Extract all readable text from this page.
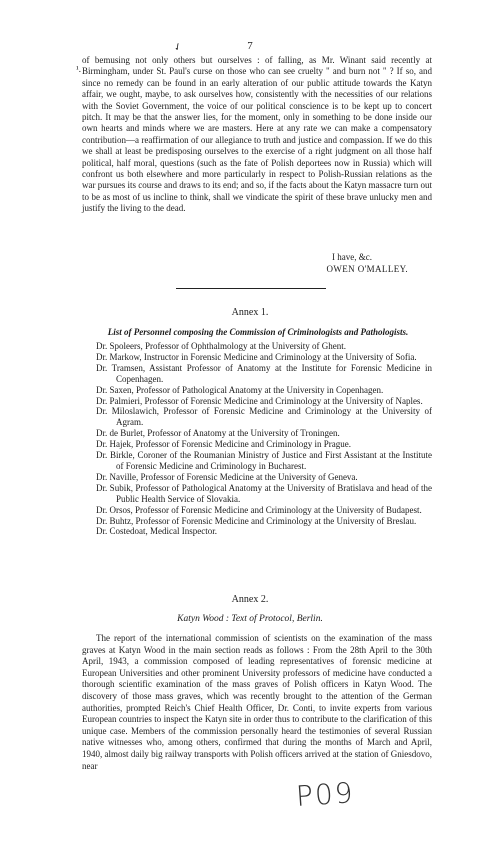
7
✓
¹.

of bemusing not only others but ourselves : of falling, as Mr. Winant said recently at Birmingham, under St. Paul's curse on those who can see cruelty " and burn not " ? If so, and since no remedy can be found in an early alteration of our public attitude towards the Katyn affair, we ought, maybe, to ask ourselves how, consistently with the necessities of our relations with the Soviet Government, the voice of our political conscience is to be kept up to concert pitch. It may be that the answer lies, for the moment, only in something to be done inside our own hearts and minds where we are masters. Here at any rate we can make a compensatory contribution—a reaffirmation of our allegiance to truth and justice and compassion. If we do this we shall at least be predisposing ourselves to the exercise of a right judgment on all those half political, half moral, questions (such as the fate of Polish deportees now in Russia) which will confront us both elsewhere and more particularly in respect to Polish-Russian relations as the war pursues its course and draws to its end; and so, if the facts about the Katyn massacre turn out to be as most of us incline to think, shall we vindicate the spirit of these brave unlucky men and justify the living to the dead.

I have, &c.
OWEN O'MALLEY.
Annex 1.
List of Personnel composing the Commission of Criminologists and Pathologists.

Dr. Spoleers, Professor of Ophthalmology at the University of Ghent.

Dr. Markow, Instructor in Forensic Medicine and Criminology at the University of Sofia.

Dr. Tramsen, Assistant Professor of Anatomy at the Institute for Forensic Medicine in Copenhagen.

Dr. Saxen, Professor of Pathological Anatomy at the University in Copenhagen.

Dr. Palmieri, Professor of Forensic Medicine and Criminology at the University of Naples.

Dr. Miloslawich, Professor of Forensic Medicine and Criminology at the University of Agram.

Dr. de Burlet, Professor of Anatomy at the University of Troningen.

Dr. Hajek, Professor of Forensic Medicine and Criminology in Prague.

Dr. Birkle, Coroner of the Roumanian Ministry of Justice and First Assistant at the Institute of Forensic Medicine and Criminology in Bucharest.

Dr. Naville, Professor of Forensic Medicine at the University of Geneva.

Dr. Subik, Professor of Pathological Anatomy at the University of Bratislava and head of the Public Health Service of Slovakia.

Dr. Orsos, Professor of Forensic Medicine and Criminology at the University of Budapest.

Dr. Buhtz, Professor of Forensic Medicine and Criminology at the University of Breslau.

Dr. Costedoat, Medical Inspector.

Annex 2.
Katyn Wood : Text of Protocol, Berlin.
The report of the international commission of scientists on the examination of the mass graves at Katyn Wood in the main section reads as follows : From the 28th April to the 30th April, 1943, a commission composed of leading representatives of forensic medicine at European Universities and other prominent University professors of medicine have conducted a thorough scientific examination of the mass graves of Polish officers in Katyn Wood. The discovery of those mass graves, which was recently brought to the attention of the German authorities, prompted Reich's Chief Health Officer, Dr. Conti, to invite experts from various European countries to inspect the Katyn site in order thus to contribute to the clarification of this unique case. Members of the commission personally heard the testimonies of several Russian native witnesses who, among others, confirmed that during the months of March and April, 1940, almost daily big railway transports with Polish officers arrived at the station of Gniesdovo, near
P09
